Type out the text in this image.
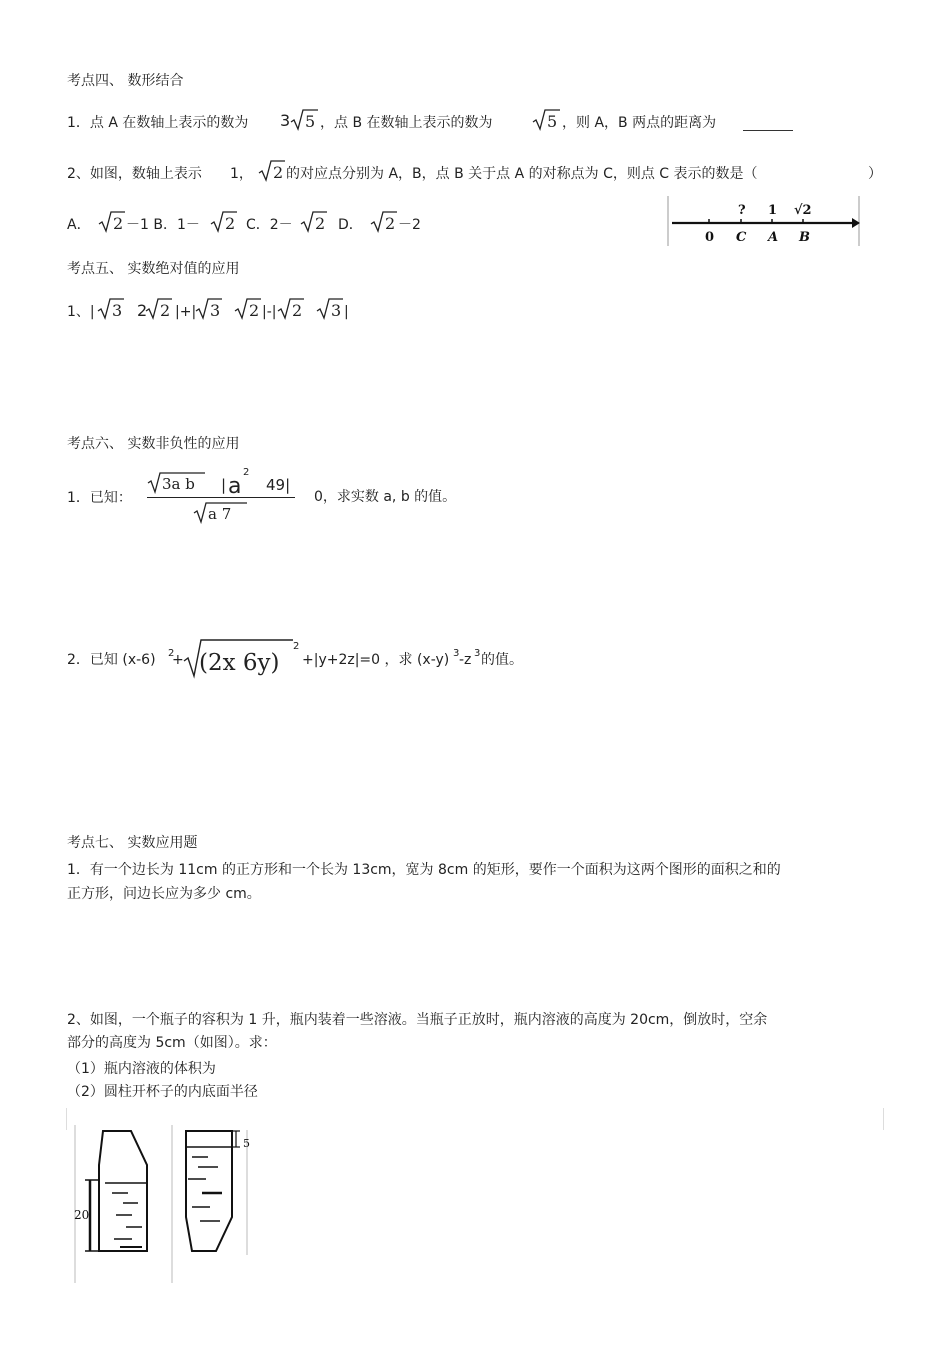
考点四、 数形结合
1．点 A 在数轴上表示的数为 3 5 ，点 B 在数轴上表示的数为	5 ，则 A，B 两点的距离为
2、如图，数轴上表示 1， 2 的对应点分别为 A，B，点 B 关于点 A 的对称点为 C，则点 C 表示的数是（	）
A． 2 －1 B．1－ 2 C．2－ 2 D． 2 －2
? 1 √2
0 C A B
考点五、 实数绝对值的应用
1、| 3 2 2 |+| 3 2 |-| 2 3 |
考点六、 实数非负性的应用
1．已知：
3a b | a
2
49|
a 7
0，求实数 a, b 的值。
2．已知 (x-6) 2
+ (2x 6y)
2
+|y+2z|=0 ，求 (x-y) 3 -z 3 的值。
考点七、 实数应用题
1．有一个边长为 11cm 的正方形和一个长为 13cm，宽为 8cm 的矩形，要作一个面积为这两个图形的面积之和的
正方形，问边长应为多少 cm。
2、如图，一个瓶子的容积为 1 升，瓶内装着一些溶液。当瓶子正放时，瓶内溶液的高度为 20cm，倒放时，空余
部分的高度为 5cm（如图）。求：
（1）瓶内溶液的体积为
（2）圆柱开杯子的内底面半径
20
5
